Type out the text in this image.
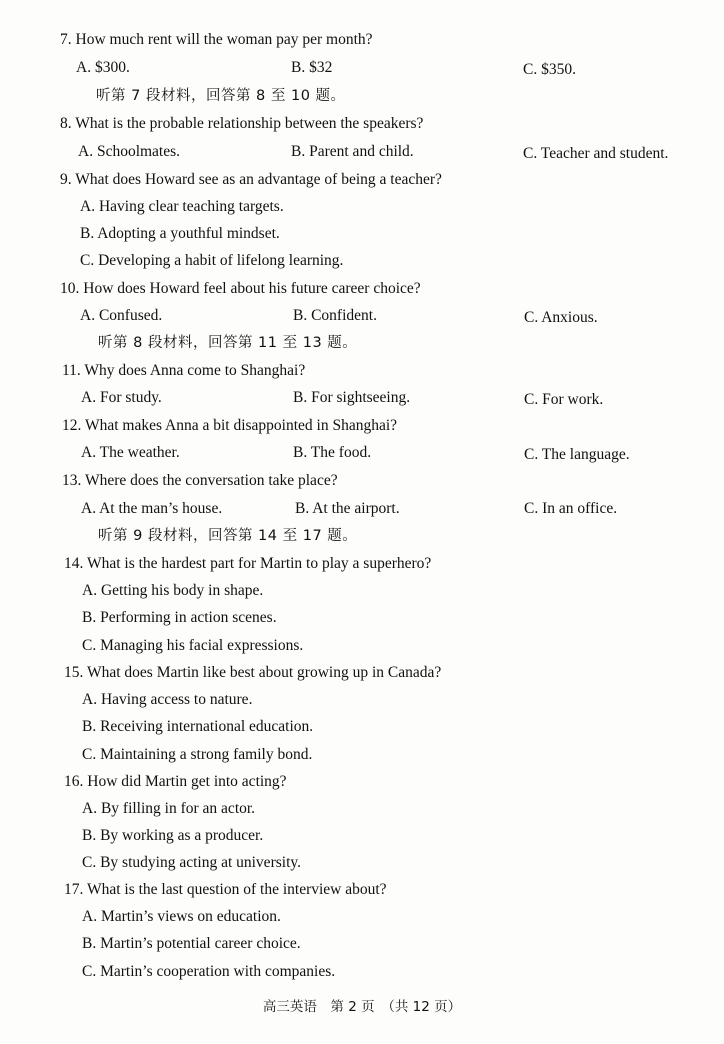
7. How much rent will the woman pay per month?
A. $300.	B. $32	C. $350.
听第 7 段材料，回答第 8 至 10 题。
8. What is the probable relationship between the speakers?
A. Schoolmates.	B. Parent and child.	C. Teacher and student.
9. What does Howard see as an advantage of being a teacher?
A. Having clear teaching targets.
B. Adopting a youthful mindset.
C. Developing a habit of lifelong learning.
10. How does Howard feel about his future career choice?
A. Confused.	B. Confident.	C. Anxious.
听第 8 段材料，回答第 11 至 13 题。
11. Why does Anna come to Shanghai?
A. For study.	B. For sightseeing.	C. For work.
12. What makes Anna a bit disappointed in Shanghai?
A. The weather.	B. The food.	C. The language.
13. Where does the conversation take place?
A. At the man’s house.	B. At the airport.	C. In an office.
听第 9 段材料，回答第 14 至 17 题。
14. What is the hardest part for Martin to play a superhero?
A. Getting his body in shape.
B. Performing in action scenes.
C. Managing his facial expressions.
15. What does Martin like best about growing up in Canada?
A. Having access to nature.
B. Receiving international education.
C. Maintaining a strong family bond.
16. How did Martin get into acting?
A. By filling in for an actor.
B. By working as a producer.
C. By studying acting at university.
17. What is the last question of the interview about?
A. Martin’s views on education.
B. Martin’s potential career choice.
C. Martin’s cooperation with companies.
高三英语　第 2 页　（共 12 页）
